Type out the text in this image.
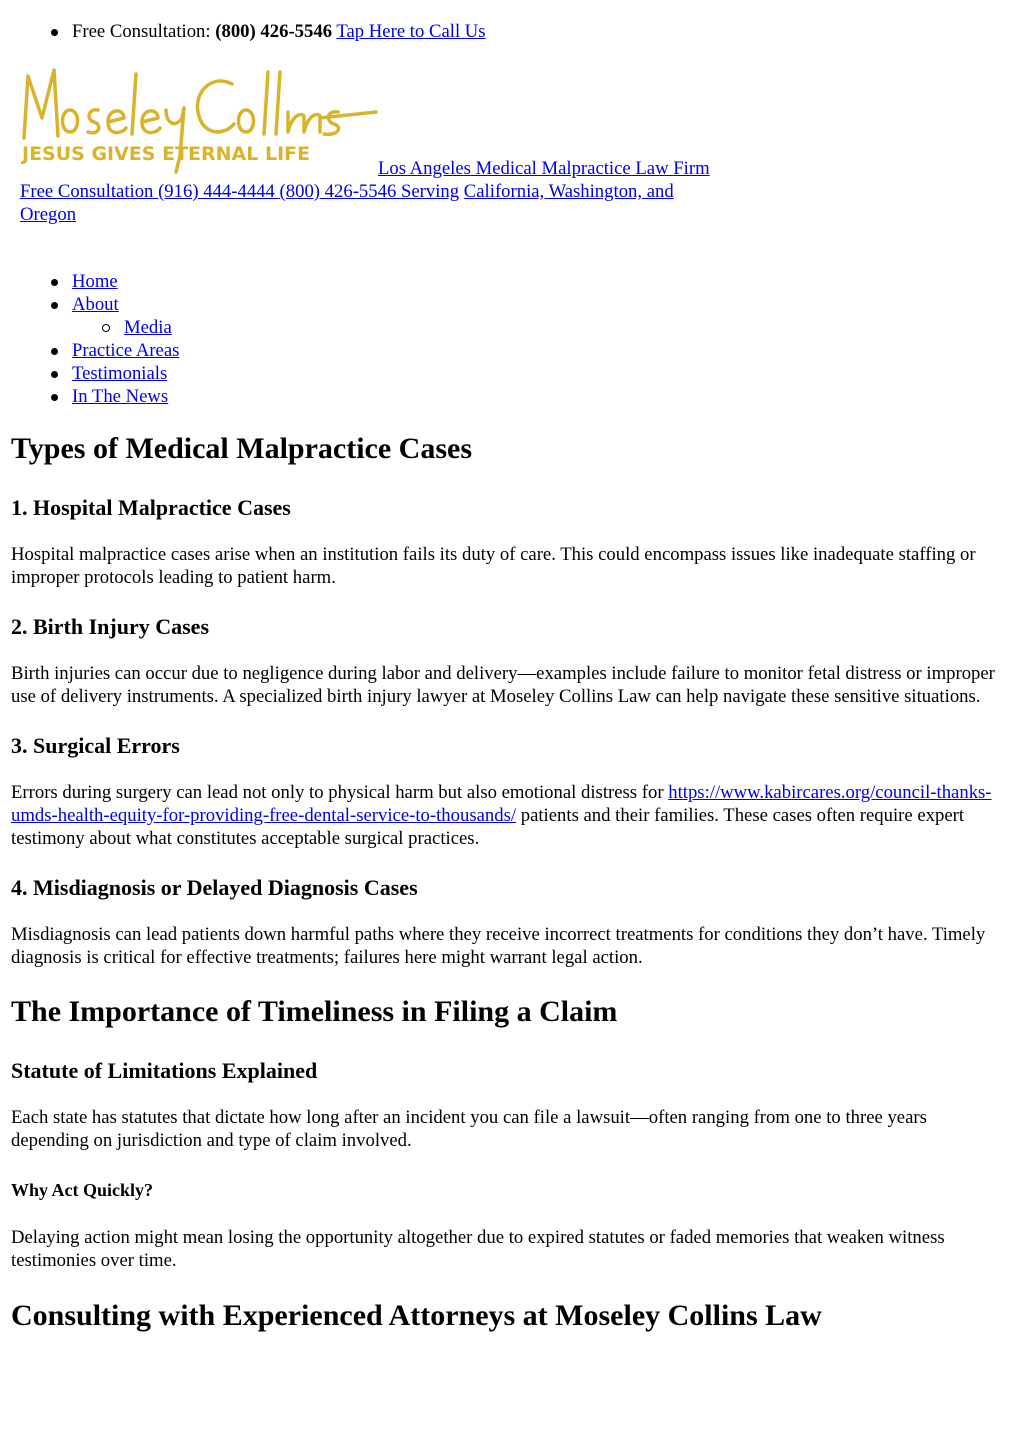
Free Consultation: (800) 426-5546 Tap Here to Call Us
JESUS GIVES ETERNAL LIFE
Los Angeles Medical Malpractice Law Firm
Free Consultation (916) 444-4444 (800) 426-5546 Serving California, Washington, and Oregon
Home
About
Media
Practice Areas
Testimonials
In The News
Types of Medical Malpractice Cases
1. Hospital Malpractice Cases

Hospital malpractice cases arise when an institution fails its duty of care. This could encompass issues like inadequate staffing or improper protocols leading to patient harm.

2. Birth Injury Cases

Birth injuries can occur due to negligence during labor and delivery—examples include failure to monitor fetal distress or improper use of delivery instruments. A specialized birth injury lawyer at Moseley Collins Law can help navigate these sensitive situations.

3. Surgical Errors

Errors during surgery can lead not only to physical harm but also emotional distress for https://www.kabircares.org/council-thanks-umds-health-equity-for-providing-free-dental-service-to-thousands/ patients and their families. These cases often require expert testimony about what constitutes acceptable surgical practices.

4. Misdiagnosis or Delayed Diagnosis Cases

Misdiagnosis can lead patients down harmful paths where they receive incorrect treatments for conditions they don’t have. Timely diagnosis is critical for effective treatments; failures here might warrant legal action.

The Importance of Timeliness in Filing a Claim
Statute of Limitations Explained

Each state has statutes that dictate how long after an incident you can file a lawsuit—often ranging from one to three years depending on jurisdiction and type of claim involved.

Why Act Quickly?

Delaying action might mean losing the opportunity altogether due to expired statutes or faded memories that weaken witness testimonies over time.

Consulting with Experienced Attorneys at Moseley Collins Law
